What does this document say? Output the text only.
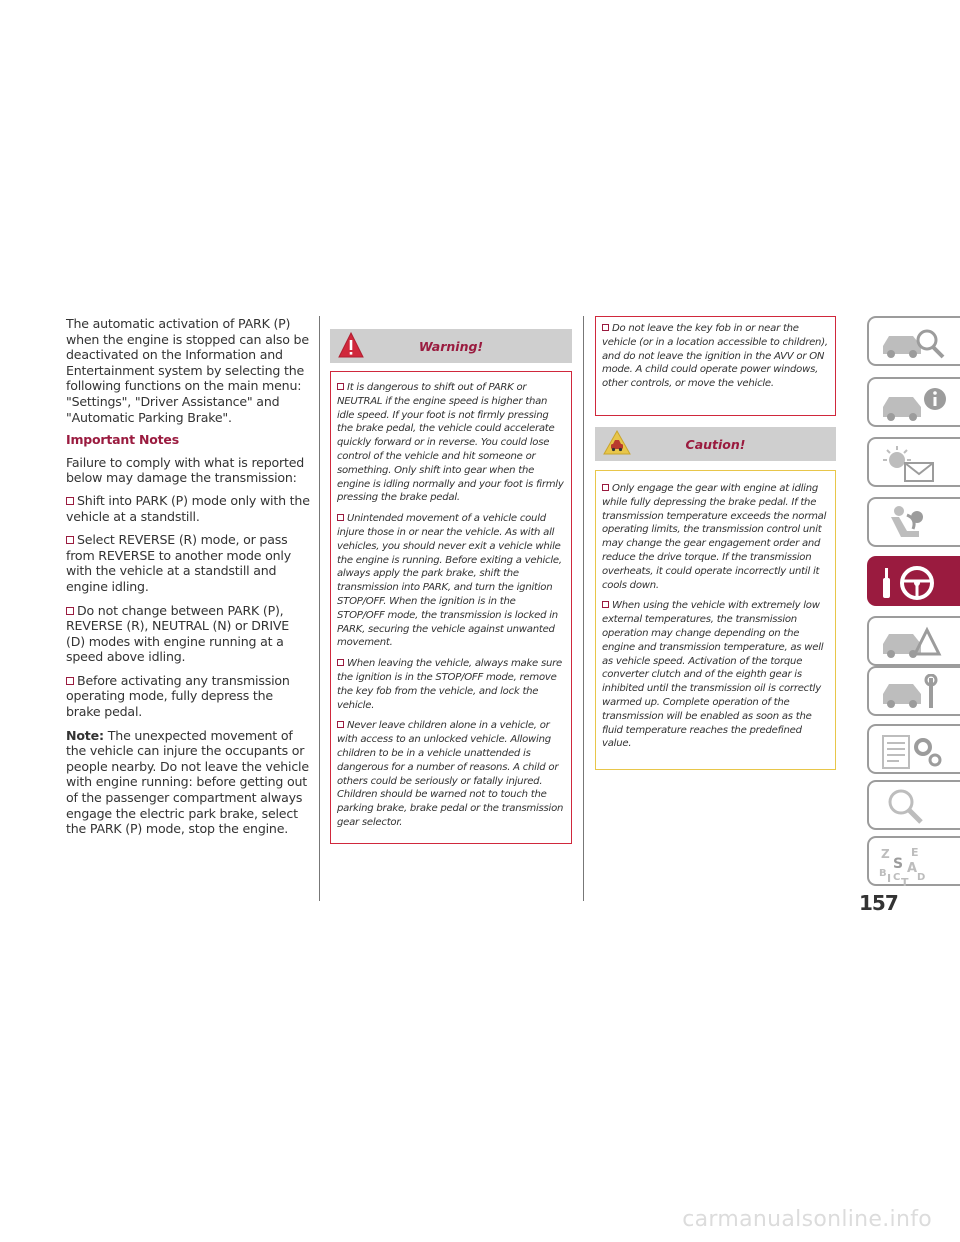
The automatic activation of PARK (P) when the engine is stopped can also be deactivated on the Information and Entertainment system by selecting the following functions on the main menu: "Settings", "Driver Assistance" and "Automatic Parking Brake".

Important Notes

Failure to comply with what is reported below may damage the transmission:

Shift into PARK (P) mode only with the vehicle at a standstill.
Select REVERSE (R) mode, or pass from REVERSE to another mode only with the vehicle at a standstill and engine idling.
Do not change between PARK (P), REVERSE (R), NEUTRAL (N) or DRIVE (D) modes with engine running at a speed above idling.
Before activating any transmission operating mode, fully depress the brake pedal.

Note: The unexpected movement of the vehicle can injure the occupants or people nearby. Do not leave the vehicle with engine running: before getting out of the passenger compartment always engage the electric park brake, select the PARK (P) mode, stop the engine.

Warning!

It is dangerous to shift out of PARK or NEUTRAL if the engine speed is higher than idle speed. If your foot is not firmly pressing the brake pedal, the vehicle could accelerate quickly forward or in reverse. You could lose control of the vehicle and hit someone or something. Only shift into gear when the engine is idling normally and your foot is firmly pressing the brake pedal.

Unintended movement of a vehicle could injure those in or near the vehicle. As with all vehicles, you should never exit a vehicle while the engine is running. Before exiting a vehicle, always apply the park brake, shift the transmission into PARK, and turn the ignition STOP/OFF. When the ignition is in the STOP/OFF mode, the transmission is locked in PARK, securing the vehicle against unwanted movement.

When leaving the vehicle, always make sure the ignition is in the STOP/OFF mode, remove the key fob from the vehicle, and lock the vehicle.

Never leave children alone in a vehicle, or with access to an unlocked vehicle. Allowing children to be in a vehicle unattended is dangerous for a number of reasons. A child or others could be seriously or fatally injured. Children should be warned not to touch the parking brake, brake pedal or the transmission gear selector.

Do not leave the key fob in or near the vehicle (or in a location accessible to children), and do not leave the ignition in the AVV or ON mode. A child could operate power windows, other controls, or move the vehicle.

Caution!

Only engage the gear with engine at idling while fully depressing the brake pedal. If the transmission temperature exceeds the normal operating limits, the transmission control unit may change the gear engagement order and reduce the drive torque. If the transmission overheats, it could operate incorrectly until it cools down.

When using the vehicle with extremely low external temperatures, the transmission operation may change depending on the engine and transmission temperature, as well as vehicle speed. Activation of the torque converter clutch and of the eighth gear is inhibited until the transmission oil is correctly warmed up. Complete operation of the transmission will be enabled as soon as the fluid temperature reaches the predefined value.

Z E
S A
B	D
I C T
157
carmanualsonline.info
